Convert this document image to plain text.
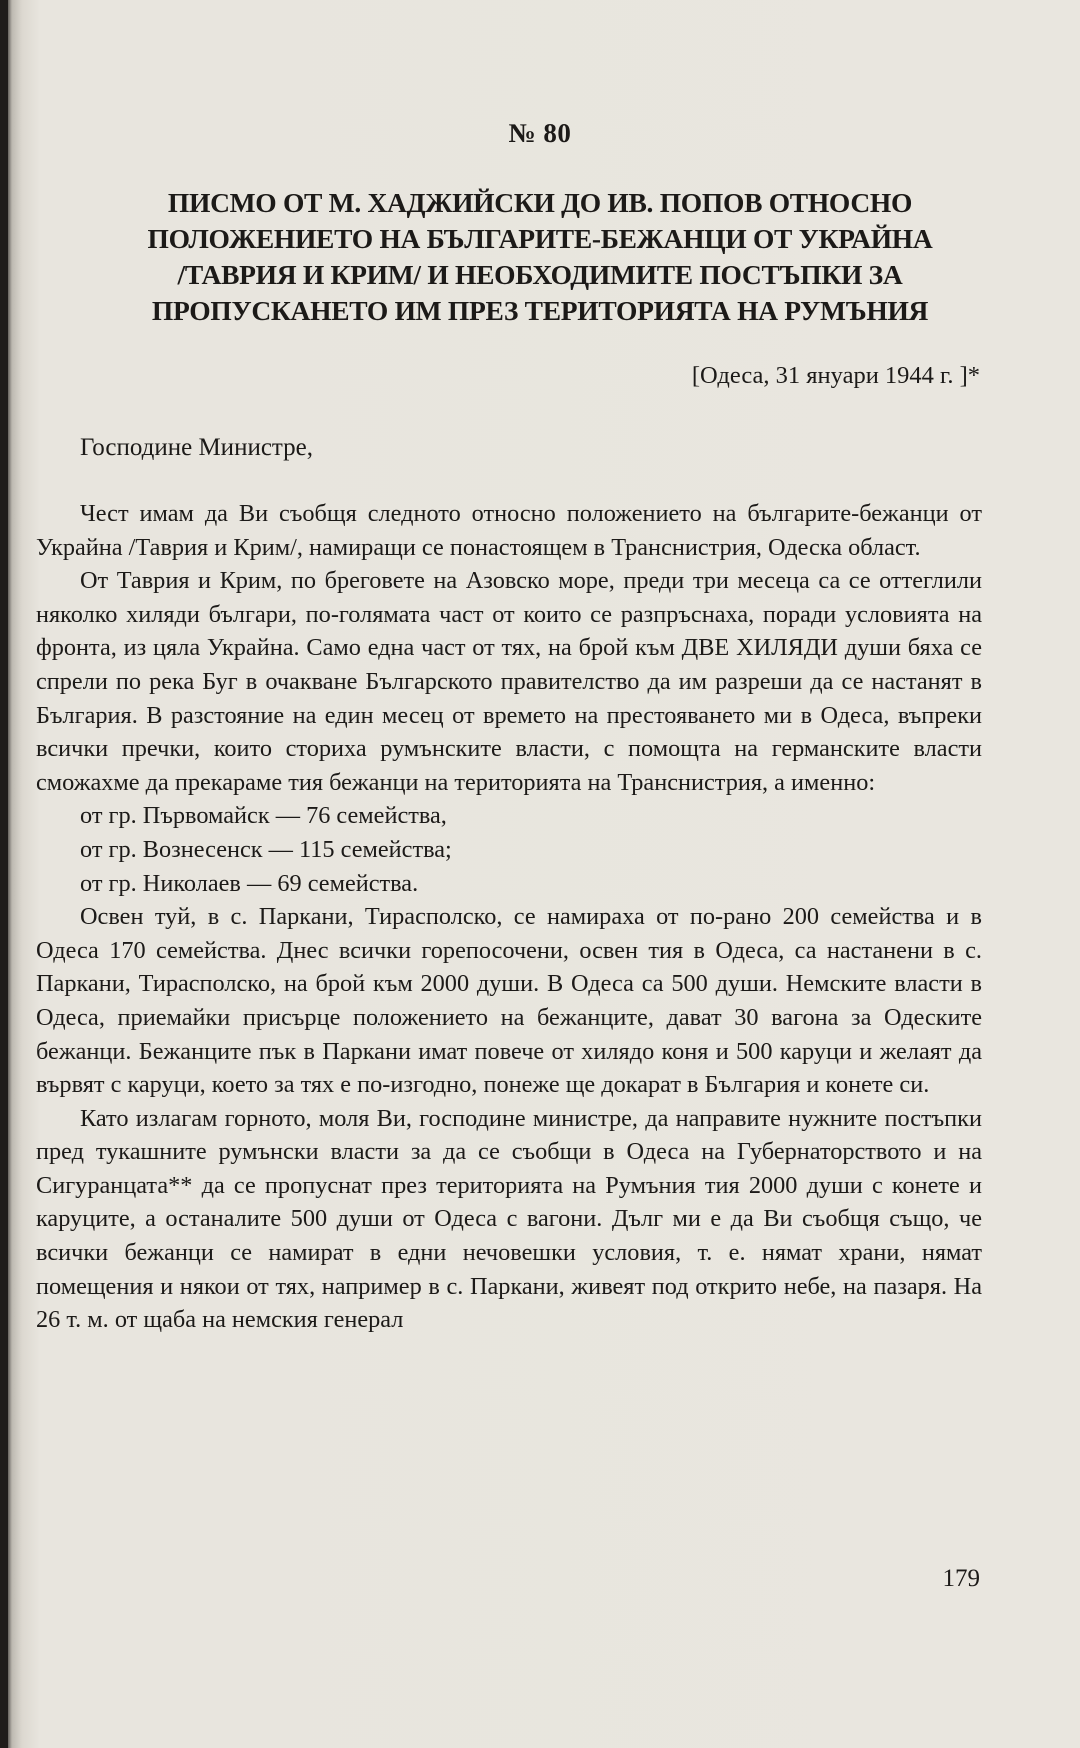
№ 80
ПИСМО ОТ М. ХАДЖИЙСКИ ДО ИВ. ПОПОВ ОТНОСНО
ПОЛОЖЕНИЕТО НА БЪЛГАРИТЕ-БЕЖАНЦИ ОТ УКРАЙНА
/ТАВРИЯ И КРИМ/ И НЕОБХОДИМИТЕ ПОСТЪПКИ ЗА
ПРОПУСКАНЕТО ИМ ПРЕЗ ТЕРИТОРИЯТА НА РУМЪНИЯ
[Одеса, 31 януари 1944 г. ]*
Господине Министре,

Чест имам да Ви съобщя следното относно положението на българите-бежанци от Украйна /Таврия и Крим/, намиращи се понастоящем в Транснистрия, Одеска област.

От Таврия и Крим, по бреговете на Азовско море, преди три месеца са се оттеглили няколко хиляди българи, по-голямата част от които се разпръснаха, поради условията на фронта, из цяла Украйна. Само една част от тях, на брой към ДВЕ ХИЛЯДИ души бяха се спрели по река Буг в очакване Българското правителство да им разреши да се настанят в България. В разстояние на един месец от времето на престояването ми в Одеса, въпреки всички пречки, които сториха румънските власти, с помощта на германските власти сможахме да прекараме тия бежанци на територията на Транснистрия, а именно:

от гр. Първомайск — 76 семейства,

от гр. Вознесенск — 115 семейства;

от гр. Николаев — 69 семейства.

Освен туй, в с. Паркани, Тирасполско, се намираха от по-рано 200 семейства и в Одеса 170 семейства. Днес всички горепосочени, освен тия в Одеса, са настанени в с. Паркани, Тирасполско, на брой към 2000 души. В Одеса са 500 души. Немските власти в Одеса, приемайки присърце положението на бежанците, дават 30 вагона за Одеските бежанци. Бежанците пък в Паркани имат повече от хилядо коня и 500 каруци и желаят да вървят с каруци, което за тях е по-изгодно, понеже ще докарат в България и конете си.

Като излагам горното, моля Ви, господине министре, да направите нужните постъпки пред тукашните румънски власти за да се съобщи в Одеса на Губернаторството и на Сигуранцата** да се пропуснат през територията на Румъния тия 2000 души с конете и каруците, а останалите 500 души от Одеса с вагони. Дълг ми е да Ви съобщя също, че всички бежанци се намират в едни нечовешки условия, т. е. нямат храни, нямат помещения и някои от тях, например в с. Паркани, живеят под открито небе, на пазаря. На 26 т. м. от щаба на немския генерал

179
